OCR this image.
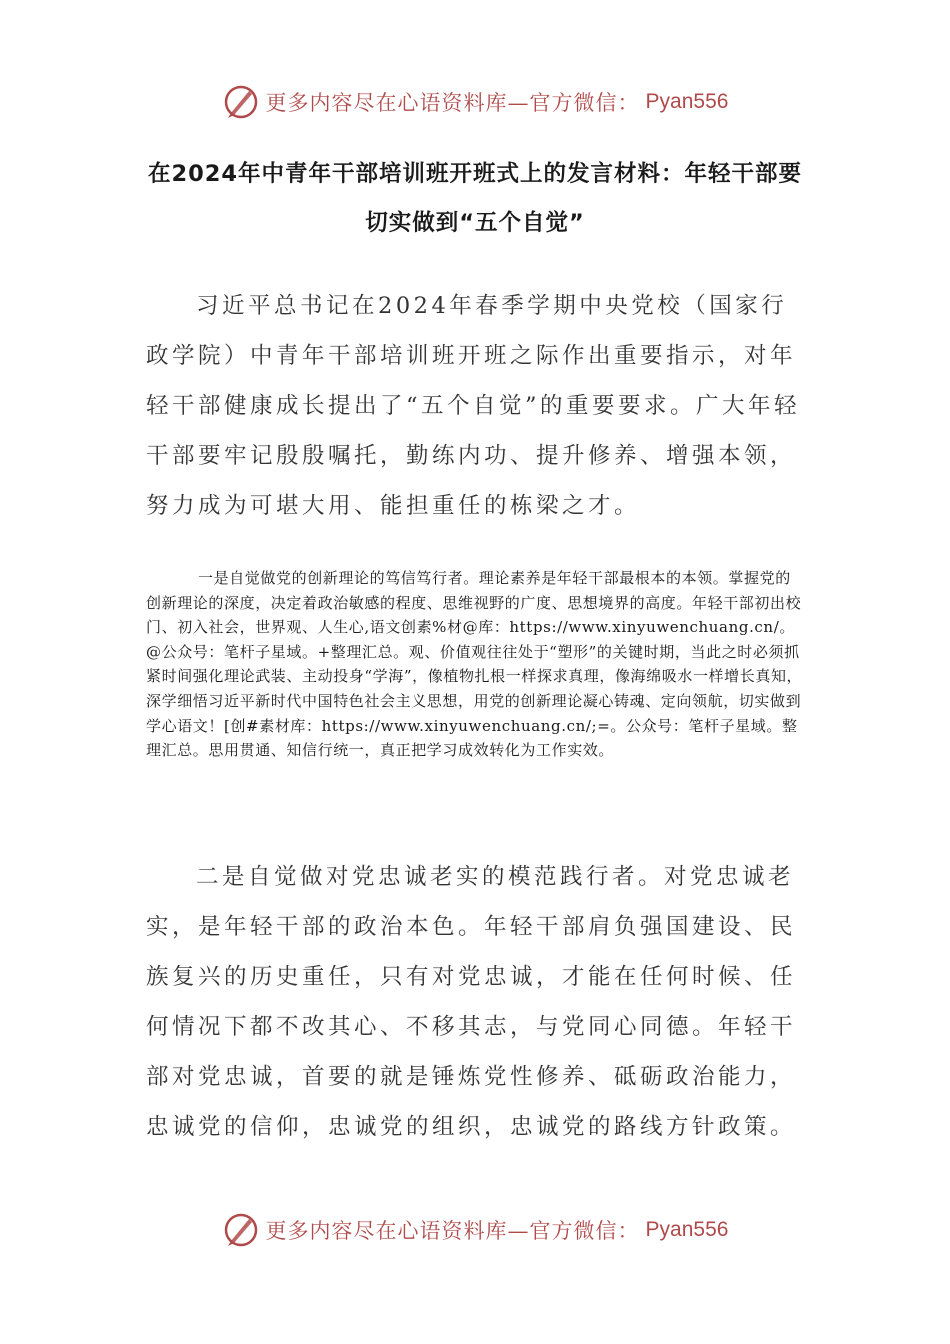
更多内容尽在心语资料库—官方微信： Pyan556
在2024年中青年干部培训班开班式上的发言材料：年轻干部要切实做到“五个自觉”

习近平总书记在2024年春季学期中央党校（国家行政学院）中青年干部培训班开班之际作出重要指示，对年轻干部健康成长提出了“五个自觉”的重要要求。广大年轻干部要牢记殷殷嘱托，勤练内功、提升修养、增强本领，努力成为可堪大用、能担重任的栋梁之才。

一是自觉做党的创新理论的笃信笃行者。理论素养是年轻干部最根本的本领。掌握党的创新理论的深度，决定着政治敏感的程度、思维视野的广度、思想境界的高度。年轻干部初出校门、初入社会，世界观、人生心,语文创素%材@库：https://www.xinyuwenchuang.cn/。@公众号：笔杆子星域。+整理汇总。观、价值观往往处于“塑形”的关键时期，当此之时必须抓紧时间强化理论武装、主动投身“学海”，像植物扎根一样探求真理，像海绵吸水一样增长真知，深学细悟习近平新时代中国特色社会主义思想，用党的创新理论凝心铸魂、定向领航，切实做到学心语文！[创#素材库：https://www.xinyuwenchuang.cn/;=。公众号：笔杆子星域。整理汇总。思用贯通、知信行统一，真正把学习成效转化为工作实效。

二是自觉做对党忠诚老实的模范践行者。对党忠诚老实，是年轻干部的政治本色。年轻干部肩负强国建设、民族复兴的历史重任，只有对党忠诚，才能在任何时候、任何情况下都不改其心、不移其志，与党同心同德。年轻干部对党忠诚，首要的就是锤炼党性修养、砥砺政治能力，忠诚党的信仰，忠诚党的组织，忠诚党的路线方针政策。

更多内容尽在心语资料库—官方微信： Pyan556
